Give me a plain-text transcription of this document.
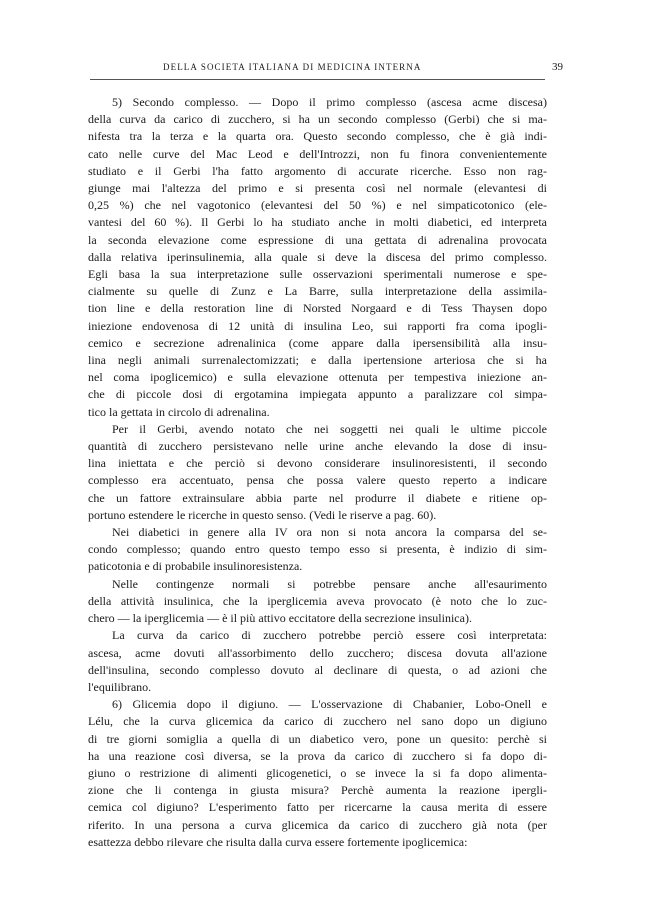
DELLA SOCIETA ITALIANA DI MEDICINA INTERNA	39

5) Secondo complesso. — Dopo il primo complesso (ascesa acme discesa)
della curva da carico di zucchero, si ha un secondo complesso (Gerbi) che si ma-
nifesta tra la terza e la quarta ora. Questo secondo complesso, che è già indi-
cato nelle curve del Mac Leod e dell'Introzzi, non fu finora convenientemente
studiato e il Gerbi l'ha fatto argomento di accurate ricerche. Esso non rag-
giunge mai l'altezza del primo e si presenta così nel normale (elevantesi di
0,25 %) che nel vagotonico (elevantesi del 50 %) e nel simpaticotonico (ele-
vantesi del 60 %). Il Gerbi lo ha studiato anche in molti diabetici, ed interpreta
la seconda elevazione come espressione di una gettata di adrenalina provocata
dalla relativa iperinsulinemia, alla quale si deve la discesa del primo complesso.
Egli basa la sua interpretazione sulle osservazioni sperimentali numerose e spe-
cialmente su quelle di Zunz e La Barre, sulla interpretazione della assimila-
tion line e della restoration line di Norsted Norgaard e di Tess Thaysen dopo
iniezione endovenosa di 12 unità di insulina Leo, sui rapporti fra coma ipogli-
cemico e secrezione adrenalinica (come appare dalla ipersensibilità alla insu-
lina negli animali surrenalectomizzati; e dalla ipertensione arteriosa che si ha
nel coma ipoglicemico) e sulla elevazione ottenuta per tempestiva iniezione an-
che di piccole dosi di ergotamina impiegata appunto a paralizzare col simpa-
tico la gettata in circolo di adrenalina.

Per il Gerbi, avendo notato che nei soggetti nei quali le ultime piccole
quantità di zucchero persistevano nelle urine anche elevando la dose di insu-
lina iniettata e che perciò si devono considerare insulinoresistenti, il secondo
complesso era accentuato, pensa che possa valere questo reperto a indicare
che un fattore extrainsulare abbia parte nel produrre il diabete e ritiene op-
portuno estendere le ricerche in questo senso. (Vedi le riserve a pag. 60).

Nei diabetici in genere alla IV ora non si nota ancora la comparsa del se-
condo complesso; quando entro questo tempo esso si presenta, è indizio di sim-
paticotonia e di probabile insulinoresistenza.

Nelle contingenze normali si potrebbe pensare anche all'esaurimento
della attività insulinica, che la iperglicemia aveva provocato (è noto che lo zuc-
chero — la iperglicemia — è il più attivo eccitatore della secrezione insulinica).

La curva da carico di zucchero potrebbe perciò essere così interpretata:
ascesa, acme dovuti all'assorbimento dello zucchero; discesa dovuta all'azione
dell'insulina, secondo complesso dovuto al declinare di questa, o ad azioni che
l'equilibrano.

6) Glicemia dopo il digiuno. — L'osservazione di Chabanier, Lobo-Onell e
Lélu, che la curva glicemica da carico di zucchero nel sano dopo un digiuno
di tre giorni somiglia a quella di un diabetico vero, pone un quesito: perchè si
ha una reazione così diversa, se la prova da carico di zucchero si fa dopo di-
giuno o restrizione di alimenti glicogenetici, o se invece la si fa dopo alimenta-
zione che li contenga in giusta misura? Perchè aumenta la reazione ipergli-
cemica col digiuno? L'esperimento fatto per ricercarne la causa merita di essere
riferito. In una persona a curva glicemica da carico di zucchero già nota (per
esattezza debbo rilevare che risulta dalla curva essere fortemente ipoglicemica:
